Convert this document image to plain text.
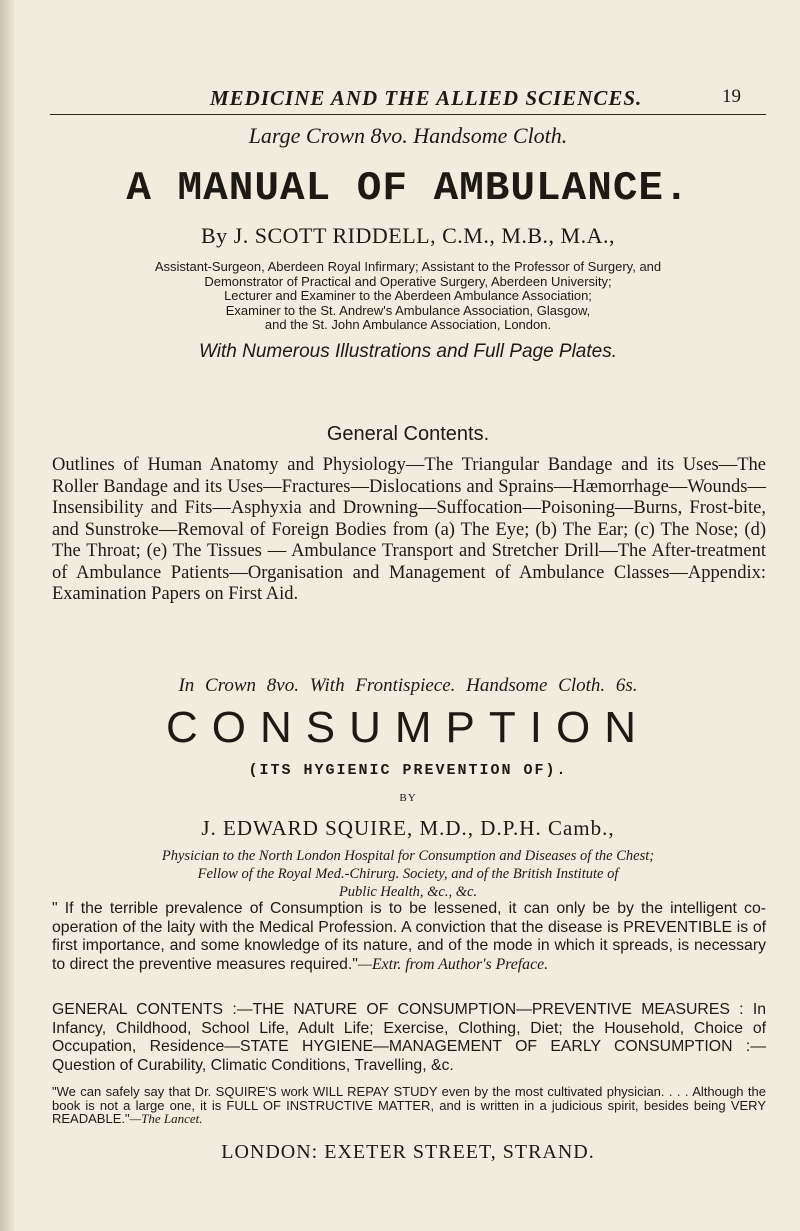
MEDICINE AND THE ALLIED SCIENCES.	19
Large Crown 8vo. Handsome Cloth.
A MANUAL OF AMBULANCE.
By J. SCOTT RIDDELL, C.M., M.B., M.A.,
Assistant-Surgeon, Aberdeen Royal Infirmary; Assistant to the Professor of Surgery, and
Demonstrator of Practical and Operative Surgery, Aberdeen University;
Lecturer and Examiner to the Aberdeen Ambulance Association;
Examiner to the St. Andrew's Ambulance Association, Glasgow,
and the St. John Ambulance Association, London.
With Numerous Illustrations and Full Page Plates.
General Contents.
Outlines of Human Anatomy and Physiology—The Triangular Bandage and its Uses—The Roller Bandage and its Uses—Fractures—Dislocations and Sprains—Hæmorrhage—Wounds—Insensibility and Fits—Asphyxia and Drowning—Suffocation—Poisoning—Burns, Frost-bite, and Sunstroke—Removal of Foreign Bodies from (a) The Eye; (b) The Ear; (c) The Nose; (d) The Throat; (e) The Tissues — Ambulance Transport and Stretcher Drill—The After-treatment of Ambulance Patients—Organisation and Management of Ambulance Classes—Appendix: Examination Papers on First Aid.
In Crown 8vo. With Frontispiece. Handsome Cloth. 6s.
CONSUMPTION
(ITS HYGIENIC PREVENTION OF).
BY
J. EDWARD SQUIRE, M.D., D.P.H. Camb.,
Physician to the North London Hospital for Consumption and Diseases of the Chest;
Fellow of the Royal Med.-Chirurg. Society, and of the British Institute of
Public Health, &c., &c.
" If the terrible prevalence of Consumption is to be lessened, it can only be by the intelligent co-operation of the laity with the Medical Profession. A conviction that the disease is PREVENTIBLE is of first importance, and some knowledge of its nature, and of the mode in which it spreads, is necessary to direct the preventive measures required."—Extr. from Author's Preface.
GENERAL CONTENTS :—THE NATURE OF CONSUMPTION—PREVENTIVE MEASURES : In Infancy, Childhood, School Life, Adult Life; Exercise, Clothing, Diet; the Household, Choice of Occupation, Residence—STATE HYGIENE—MANAGEMENT OF EARLY CONSUMPTION :—Question of Curability, Climatic Conditions, Travelling, &c.
"We can safely say that Dr. SQUIRE'S work WILL REPAY STUDY even by the most cultivated physician. . . . Although the book is not a large one, it is FULL OF INSTRUCTIVE MATTER, and is written in a judicious spirit, besides being VERY READABLE."—The Lancet.
LONDON: EXETER STREET, STRAND.
